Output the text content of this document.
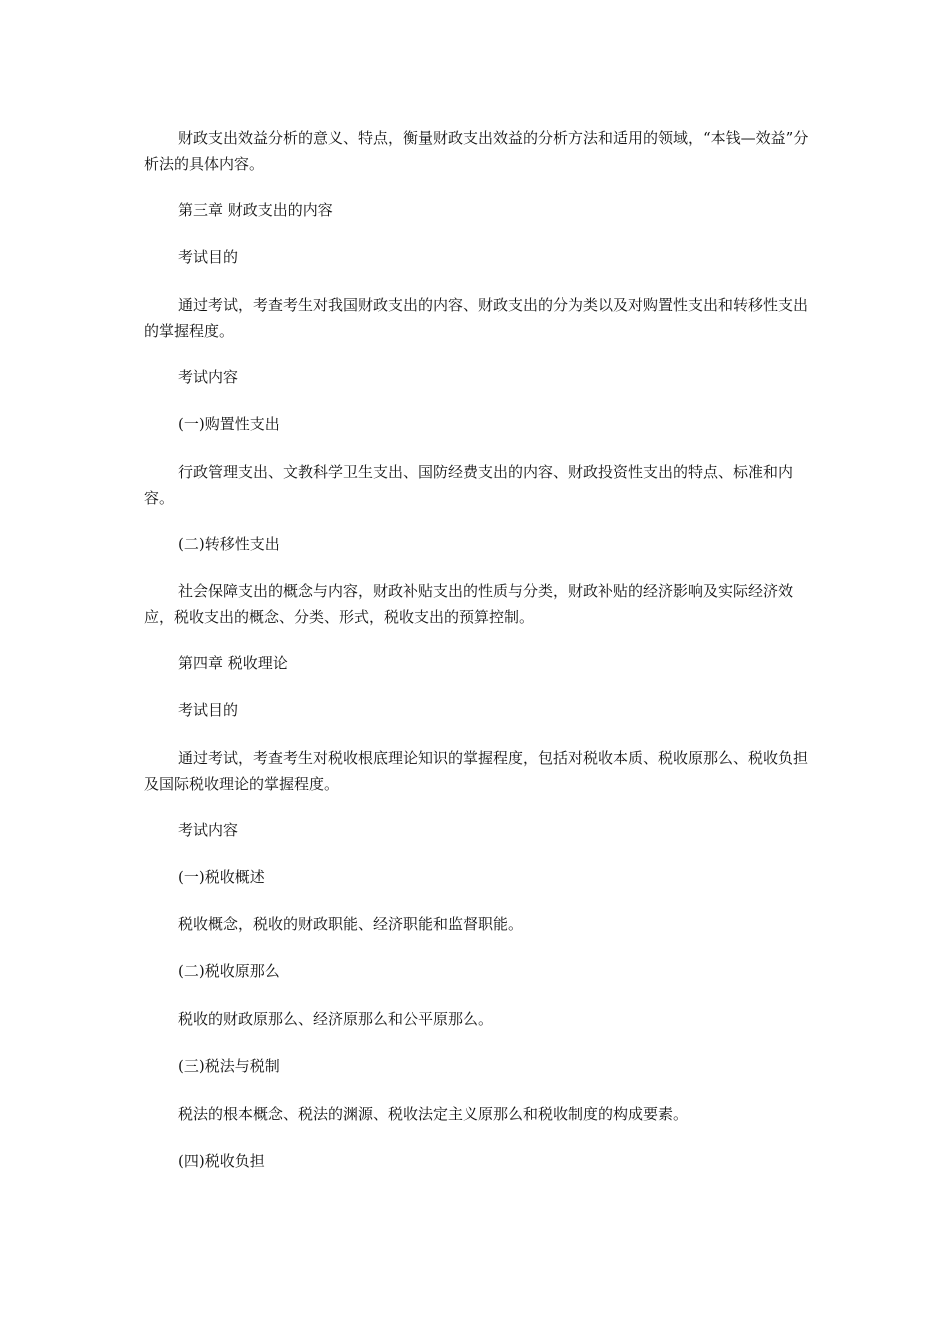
财政支出效益分析的意义、特点，衡量财政支出效益的分析方法和适用的领域，“本钱—效益”分析法的具体内容。

第三章 财政支出的内容

考试目的

通过考试，考查考生对我国财政支出的内容、财政支出的分为类以及对购置性支出和转移性支出的掌握程度。

考试内容

(一)购置性支出

行政管理支出、文教科学卫生支出、国防经费支出的内容、财政投资性支出的特点、标准和内容。

(二)转移性支出

社会保障支出的概念与内容，财政补贴支出的性质与分类，财政补贴的经济影响及实际经济效应，税收支出的概念、分类、形式，税收支出的预算控制。

第四章 税收理论

考试目的

通过考试，考查考生对税收根底理论知识的掌握程度，包括对税收本质、税收原那么、税收负担及国际税收理论的掌握程度。

考试内容

(一)税收概述

税收概念，税收的财政职能、经济职能和监督职能。

(二)税收原那么

税收的财政原那么、经济原那么和公平原那么。

(三)税法与税制

税法的根本概念、税法的渊源、税收法定主义原那么和税收制度的构成要素。

(四)税收负担
